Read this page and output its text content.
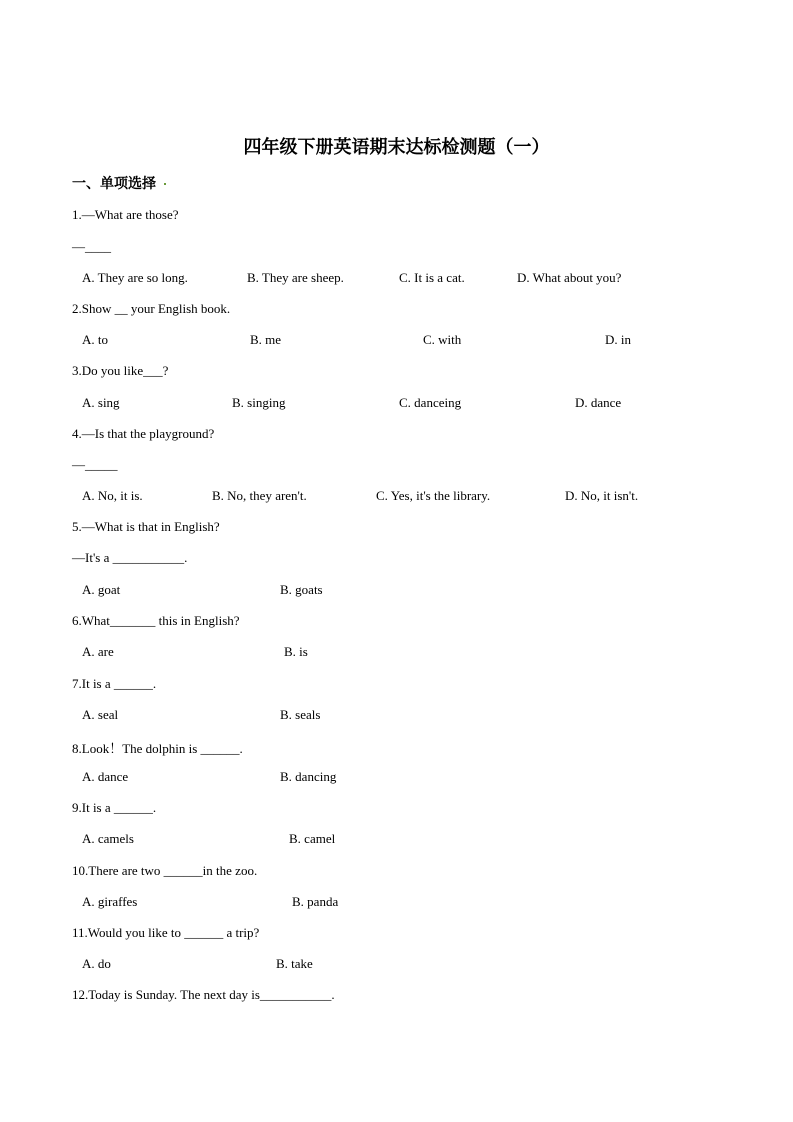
四年级下册英语期末达标检测题（一）
一、单项选择
1.—What are those?
—____
A. They are so long.	B. They are sheep.	C. It is a cat.	D. What about you?
2.Show __ your English book.
A. to	B. me	C. with	D. in
3.Do you like___?
A. sing	B. singing	C. danceing	D. dance
4.—Is that the playground?
—_____
A. No, it is.	B. No, they aren't.	C. Yes, it's the library.	D. No, it isn't.
5.—What is that in English?
—It's a ___________.
A. goat	B. goats
6.What_______ this in English?
A. are	B. is
7.It is a ______.
A. seal	B. seals
8.Look！The dolphin is ______.
A. dance	B. dancing
9.It is a ______.
A. camels	B. camel
10.There are two ______in the zoo.
A. giraffes	B. panda
11.Would you like to ______ a trip?
A. do	B. take
12.Today is Sunday. The next day is___________.
